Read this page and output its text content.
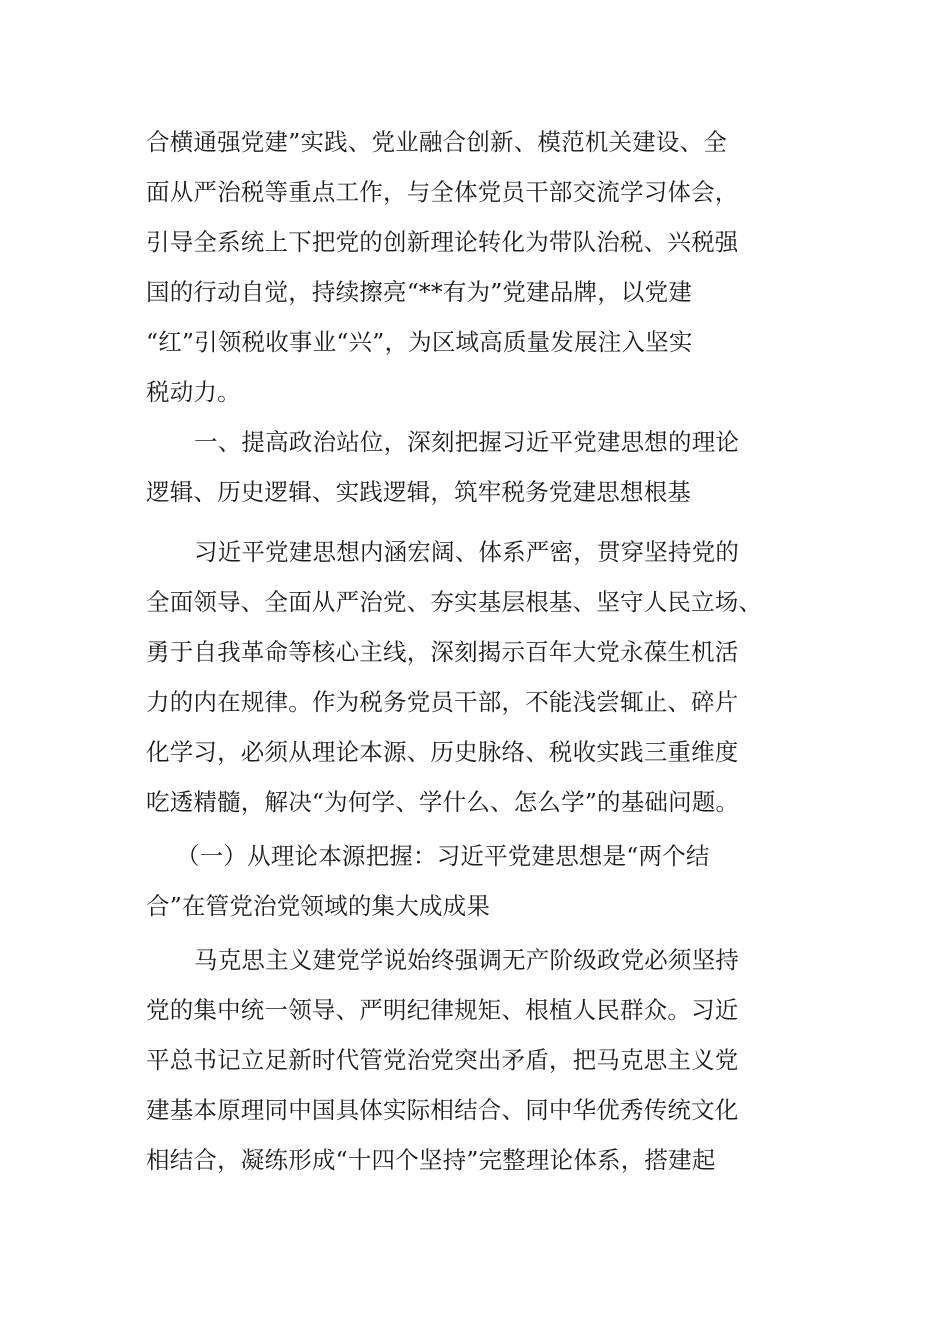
合横通强党建”实践、党业融合创新、模范机关建设、全
面从严治税等重点工作，与全体党员干部交流学习体会，
引导全系统上下把党的创新理论转化为带队治税、兴税强
国的行动自觉，持续擦亮“**有为”党建品牌，以党建
“红”引领税收事业“兴”，为区域高质量发展注入坚实
税动力。
一、提高政治站位，深刻把握习近平党建思想的理论
逻辑、历史逻辑、实践逻辑，筑牢税务党建思想根基
习近平党建思想内涵宏阔、体系严密，贯穿坚持党的
全面领导、全面从严治党、夯实基层根基、坚守人民立场、
勇于自我革命等核心主线，深刻揭示百年大党永葆生机活
力的内在规律。作为税务党员干部，不能浅尝辄止、碎片
化学习，必须从理论本源、历史脉络、税收实践三重维度
吃透精髓，解决“为何学、学什么、怎么学”的基础问题。
（一）从理论本源把握：习近平党建思想是“两个结
合”在管党治党领域的集大成成果
马克思主义建党学说始终强调无产阶级政党必须坚持
党的集中统一领导、严明纪律规矩、根植人民群众。习近
平总书记立足新时代管党治党突出矛盾，把马克思主义党
建基本原理同中国具体实际相结合、同中华优秀传统文化
相结合，凝练形成“十四个坚持”完整理论体系，搭建起
